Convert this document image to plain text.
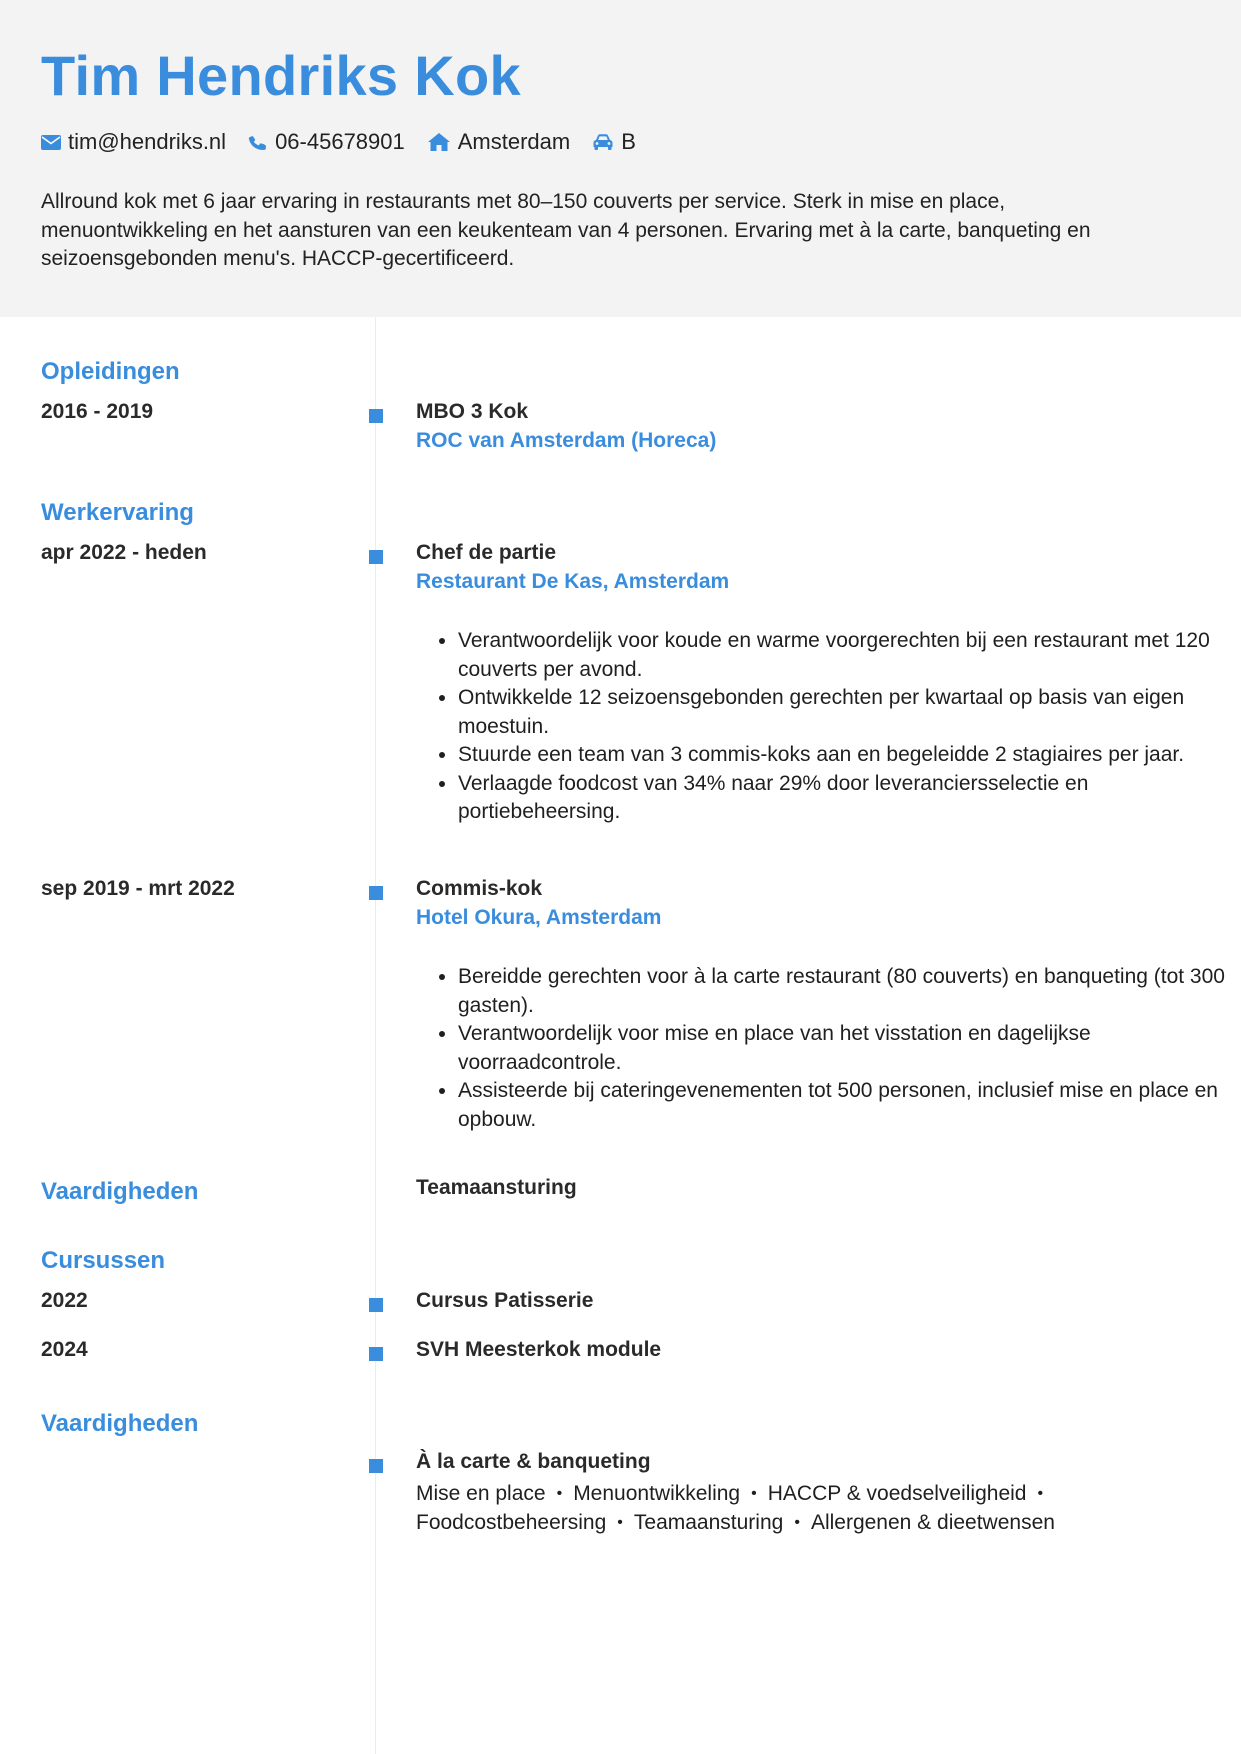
Tim Hendriks Kok
tim@hendriks.nl 06-45678901 Amsterdam B

Allround kok met 6 jaar ervaring in restaurants met 80–150 couverts per service. Sterk in mise en place, menuontwikkeling en het aansturen van een keukenteam van 4 personen. Ervaring met à la carte, banqueting en seizoensgebonden menu's. HACCP-gecertificeerd.

Opleidingen
2016 - 2019	MBO 3 Kok
ROC van Amsterdam (Horeca)
Werkervaring
apr 2022 - heden	Chef de partie
Restaurant De Kas, Amsterdam
• Verantwoordelijk voor koude en warme voorgerechten bij een restaurant met 120 couverts per avond.
• Ontwikkelde 12 seizoensgebonden gerechten per kwartaal op basis van eigen moestuin.
• Stuurde een team van 3 commis-koks aan en begeleidde 2 stagiaires per jaar.
• Verlaagde foodcost van 34% naar 29% door leveranciersselectie en portiebeheersing.
sep 2019 - mrt 2022	Commis-kok
Hotel Okura, Amsterdam
• Bereidde gerechten voor à la carte restaurant (80 couverts) en banqueting (tot 300 gasten).
• Verantwoordelijk voor mise en place van het visstation en dagelijkse voorraadcontrole.
• Assisteerde bij cateringevenementen tot 500 personen, inclusief mise en place en opbouw.
Vaardigheden	Teamaansturing
Cursussen
2022	Cursus Patisserie
2024	SVH Meesterkok module
Vaardigheden
À la carte & banqueting
Mise en place • Menuontwikkeling • HACCP & voedselveiligheid •
Foodcostbeheersing • Teamaansturing • Allergenen & dieetwensen
